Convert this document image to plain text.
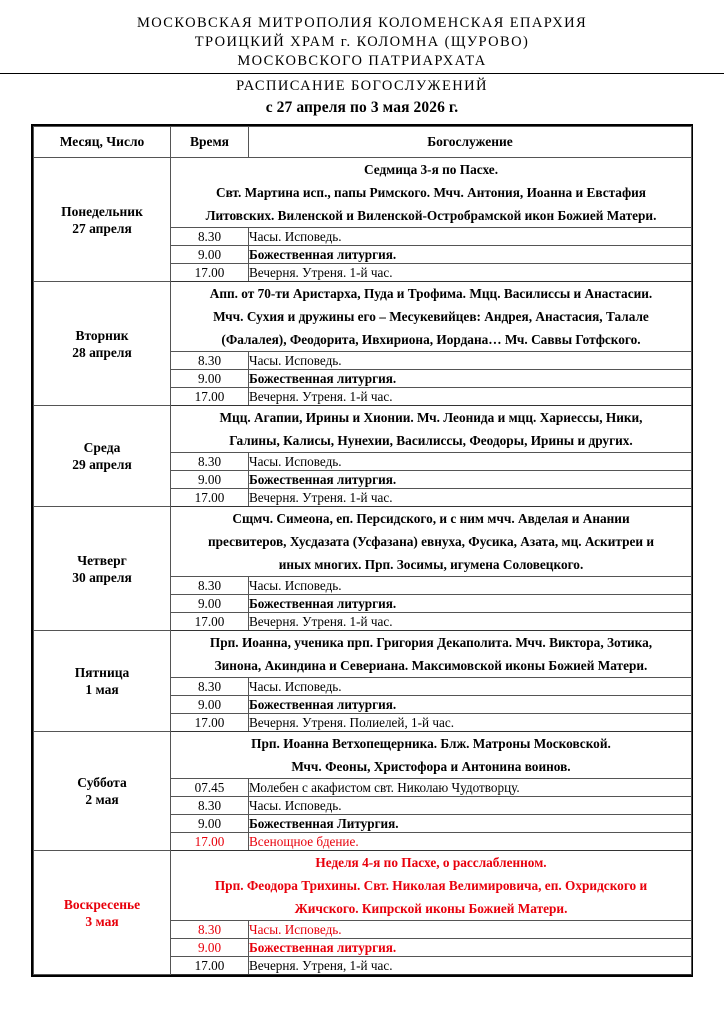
МОСКОВСКАЯ МИТРОПОЛИЯ КОЛОМЕНСКАЯ ЕПАРХИЯ
ТРОИЦКИЙ ХРАМ г. КОЛОМНА (ЩУРОВО)
МОСКОВСКОГО ПАТРИАРХАТА
РАСПИСАНИЕ БОГОСЛУЖЕНИЙ
с 27 апреля по 3 мая 2026 г.
Месяц, Число	Время	Богослужение

Понедельник
27 апреля	Седмица 3-я по Пасхе.
Свт. Мартина исп., папы Римского. Мчч. Антония, Иоанна и Евстафия
Литовских. Виленской и Виленской-Остробрамской икон Божией Матери.	

	8.30	Часы. Исповедь.
	9.00	Божественная литургия.
	17.00	Вечерня. Утреня. 1-й час.

Вторник
28 апреля	Апп. от 70-ти Аристарха, Пуда и Трофима. Мцц. Василиссы и Анастасии.
Мчч. Сухия и дружины его – Месукевийцев: Андрея, Анастасия, Талале
(Фалалея), Феодорита, Ивхириона, Иордана… Мч. Саввы Готфского.	

	8.30	Часы. Исповедь.
	9.00	Божественная литургия.
	17.00	Вечерня. Утреня. 1-й час.

Среда
29 апреля	Мцц. Агапии, Ирины и Хионии. Мч. Леонида и мцц. Хариессы, Ники,
Галины, Калисы, Нунехии, Василиссы, Феодоры, Ирины и других.	

	8.30	Часы. Исповедь.
	9.00	Божественная литургия.
	17.00	Вечерня. Утреня. 1-й час.

Четверг
30 апреля	Сщмч. Симеона, еп. Персидского, и с ним мчч. Авделая и Анании
пресвитеров, Хусдазата (Усфазана) евнуха, Фусика, Азата, мц. Аскитреи и
иных многих. Прп. Зосимы, игумена Соловецкого.	

	8.30	Часы. Исповедь.
	9.00	Божественная литургия.
	17.00	Вечерня. Утреня. 1-й час.

Пятница
1 мая	Прп. Иоанна, ученика прп. Григория Декаполита. Мчч. Виктора, Зотика,
Зинона, Акиндина и Севериана. Максимовской иконы Божией Матери.	

	8.30	Часы. Исповедь.
	9.00	Божественная литургия.
	17.00	Вечерня. Утреня. Полиелей, 1-й час.

Суббота
2 мая	Прп. Иоанна Ветхопещерника. Блж. Матроны Московской.
Мчч. Феоны, Христофора и Антонина воинов.	

	07.45	Молебен с акафистом свт. Николаю Чудотворцу.
	8.30	Часы. Исповедь.
	9.00	Божественная Литургия.
	17.00	Всенощное бдение.

Воскресенье
3 мая	Неделя 4-я по Пасхе, о расслабленном.
Прп. Феодора Трихины. Свт. Николая Велимировича, еп. Охридского и
Жичского. Кипрской иконы Божией Матери.	

	8.30	Часы. Исповедь.
	9.00	Божественная литургия.
	17.00	Вечерня. Утреня, 1-й час.
